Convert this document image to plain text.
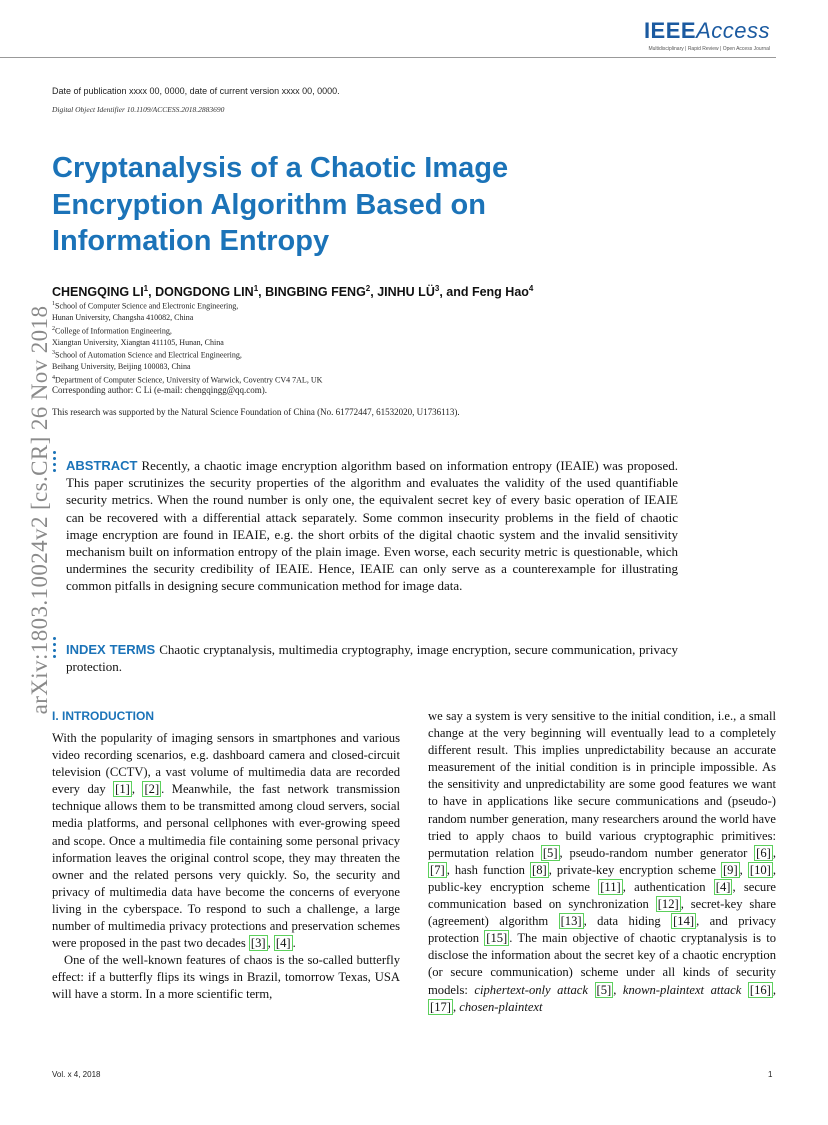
IEEEAccess
Multidisciplinary | Rapid Review | Open Access Journal
Date of publication xxxx 00, 0000, date of current version xxxx 00, 0000.
Digital Object Identifier 10.1109/ACCESS.2018.2883690
Cryptanalysis of a Chaotic Image Encryption Algorithm Based on Information Entropy
CHENGQING $LI^1$, DONGDONG LIN$^1$, BINGBING FENG$^2$, JINHU $LÜ^3$, and Feng Hao$^4$
$^1$School of Computer Science and Electronic Engineering,
Hunan University, Changsha 410082, China
$^2$College of Information Engineering,
Xiangtan University, Xiangtan 411105, Hunan, China
$^3$School of Automation Science and Electrical Engineering,
Beihang University, Beijing 100083, China
$^4$Department of Computer Science, University of Warwick, Coventry CV4 7AL, UK
Corresponding author: C Li (e-mail: chengqingg@qq.com).
This research was supported by the Natural Science Foundation of China (No. 61772447, 61532020, U1736113).
arXiv:1803.10024v2 [cs.CR] 26 Nov 2018 ABSTRACT Recently, a chaotic image encryption algorithm based on information entropy (IEAIE) was proposed. This paper scrutinizes the security properties of the algorithm and evaluates the validity of the used quantifiable security metrics. When the round number is only one, the equivalent secret key of every basic operation of IEAIE can be recovered with a differential attack separately. Some common insecurity problems in the field of chaotic image encryption are found in IEAIE, e.g. the short orbits of the digital chaotic system and the invalid sensitivity mechanism built on information entropy of the plain image. Even worse, each security metric is questionable, which undermines the security credibility of IEAIE. Hence, IEAIE can only serve as a counterexample for illustrating common pitfalls in designing secure communication method for image data.

INDEX TERMS Chaotic cryptanalysis, multimedia cryptography, image encryption, secure communication, privacy protection.

I. INTRODUCTION

With the popularity of imaging sensors in smartphones and various video recording scenarios, e.g. dashboard camera and closed-circuit television (CCTV), a vast volume of multimedia data are recorded every day [1] , [2] . Meanwhile, the fast network transmission technique allows them to be transmitted among cloud servers, social media platforms, and personal cellphones with ever-growing speed and scope. Once a multimedia file containing some personal privacy information leaves the original control scope, they may threaten the owner and the related persons very quickly. So, the security and privacy of multimedia data have become the concerns of everyone living in the cyberspace. To respond to such a challenge, a large number of multimedia privacy protections and preservation schemes were proposed in the past two decades [3] , [4] .

One of the well-known features of chaos is the so-called butterfly effect: if a butterfly flips its wings in Brazil, tomorrow Texas, USA will have a storm. In a more scientific term,

we say a system is very sensitive to the initial condition, i.e., a small change at the very beginning will eventually lead to a completely different result. This implies unpredictability because an accurate measurement of the initial condition is in principle impossible. As the sensitivity and unpredictability are some good features we want to have in applications like secure communications and (pseudo-) random number generation, many researchers around the world have tried to apply chaos to build various cryptographic primitives: permutation relation [5] , pseudo-random number generator [6] , [7] , hash function [8] , private-key encryption scheme [9] , [10] , public-key encryption scheme [11] , authentication [4] , secure communication based on synchronization [12] , secret-key share (agreement) algorithm [13] , data hiding [14] , and privacy protection [15] . The main objective of chaotic cryptanalysis is to disclose the information about the secret key of a chaotic encryption (or secure communication) scheme under all kinds of security models: ciphertext-only attack [5] , known-plaintext attack [16] , [17] , chosen-plaintext

Vol. x 4, 2018	1
